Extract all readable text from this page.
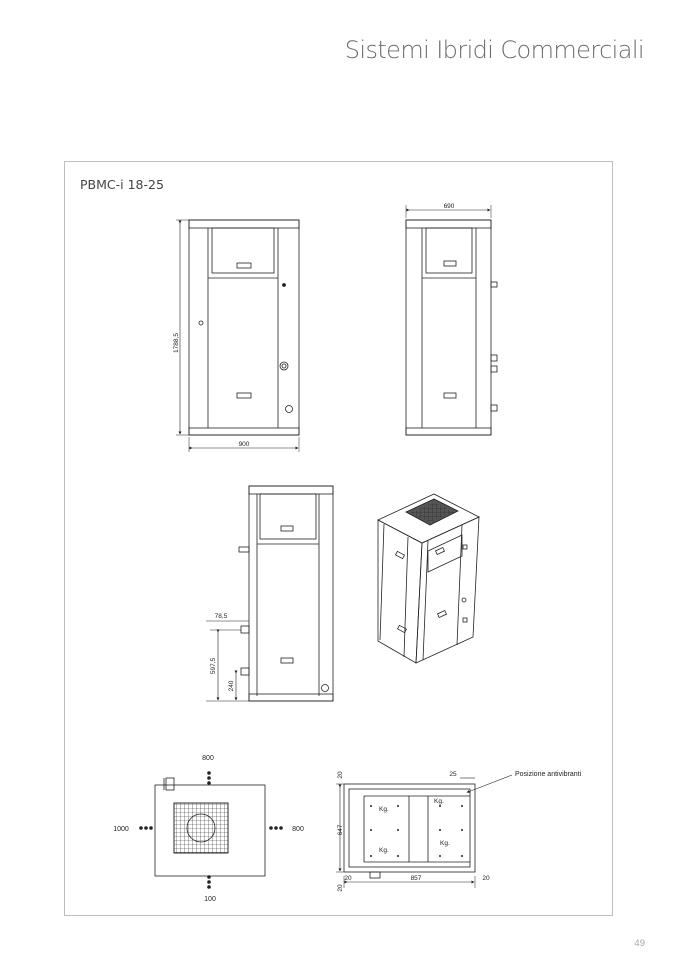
Sistemi Ibridi Commerciali
PBMC-i 18-25
1788,5
900
690
78,5
597,5
240
800
1000	800
100
Posizione antivibranti
25
20
647
20
20	857	20
Kg.
Kg.
Kg.
Kg.
49
